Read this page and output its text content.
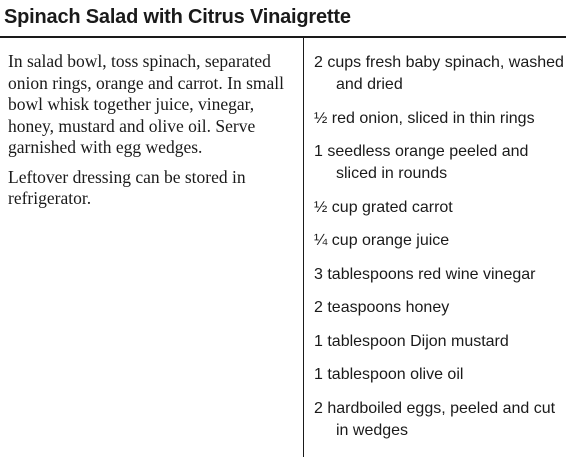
Spinach Salad with Citrus Vinaigrette

In salad bowl, toss spinach, separated onion rings, orange and carrot. In small bowl whisk together juice, vinegar, honey, mustard and olive oil. Serve garnished with egg wedges.

Leftover dressing can be stored in refrigerator.

2 cups fresh baby spinach, washed and dried
½ red onion, sliced in thin rings
1 seedless orange peeled and sliced in rounds
½ cup grated carrot
¼ cup orange juice
3 tablespoons red wine vinegar
2 teaspoons honey
1 tablespoon Dijon mustard
1 tablespoon olive oil
2 hardboiled eggs, peeled and cut in wedges
